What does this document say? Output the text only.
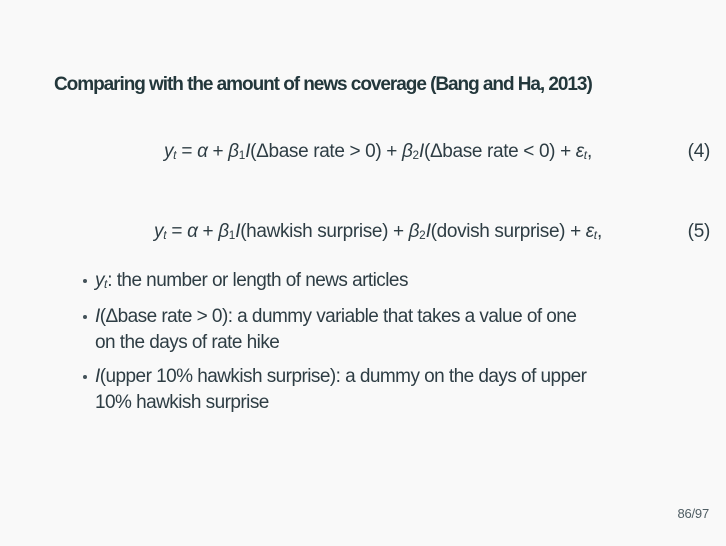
Comparing with the amount of news coverage (Bang and Ha, 2013)
yt = α + β1I(Δbase rate > 0) + β2I(Δbase rate < 0) + εt,	(4)
yt = α + β1I(hawkish surprise) + β2I(dovish surprise) + εt,	(5)
yt: the number or length of news articles
I(Δbase rate > 0): a dummy variable that takes a value of one
on the days of rate hike
I(upper 10% hawkish surprise): a dummy on the days of upper
10% hawkish surprise
86/97
